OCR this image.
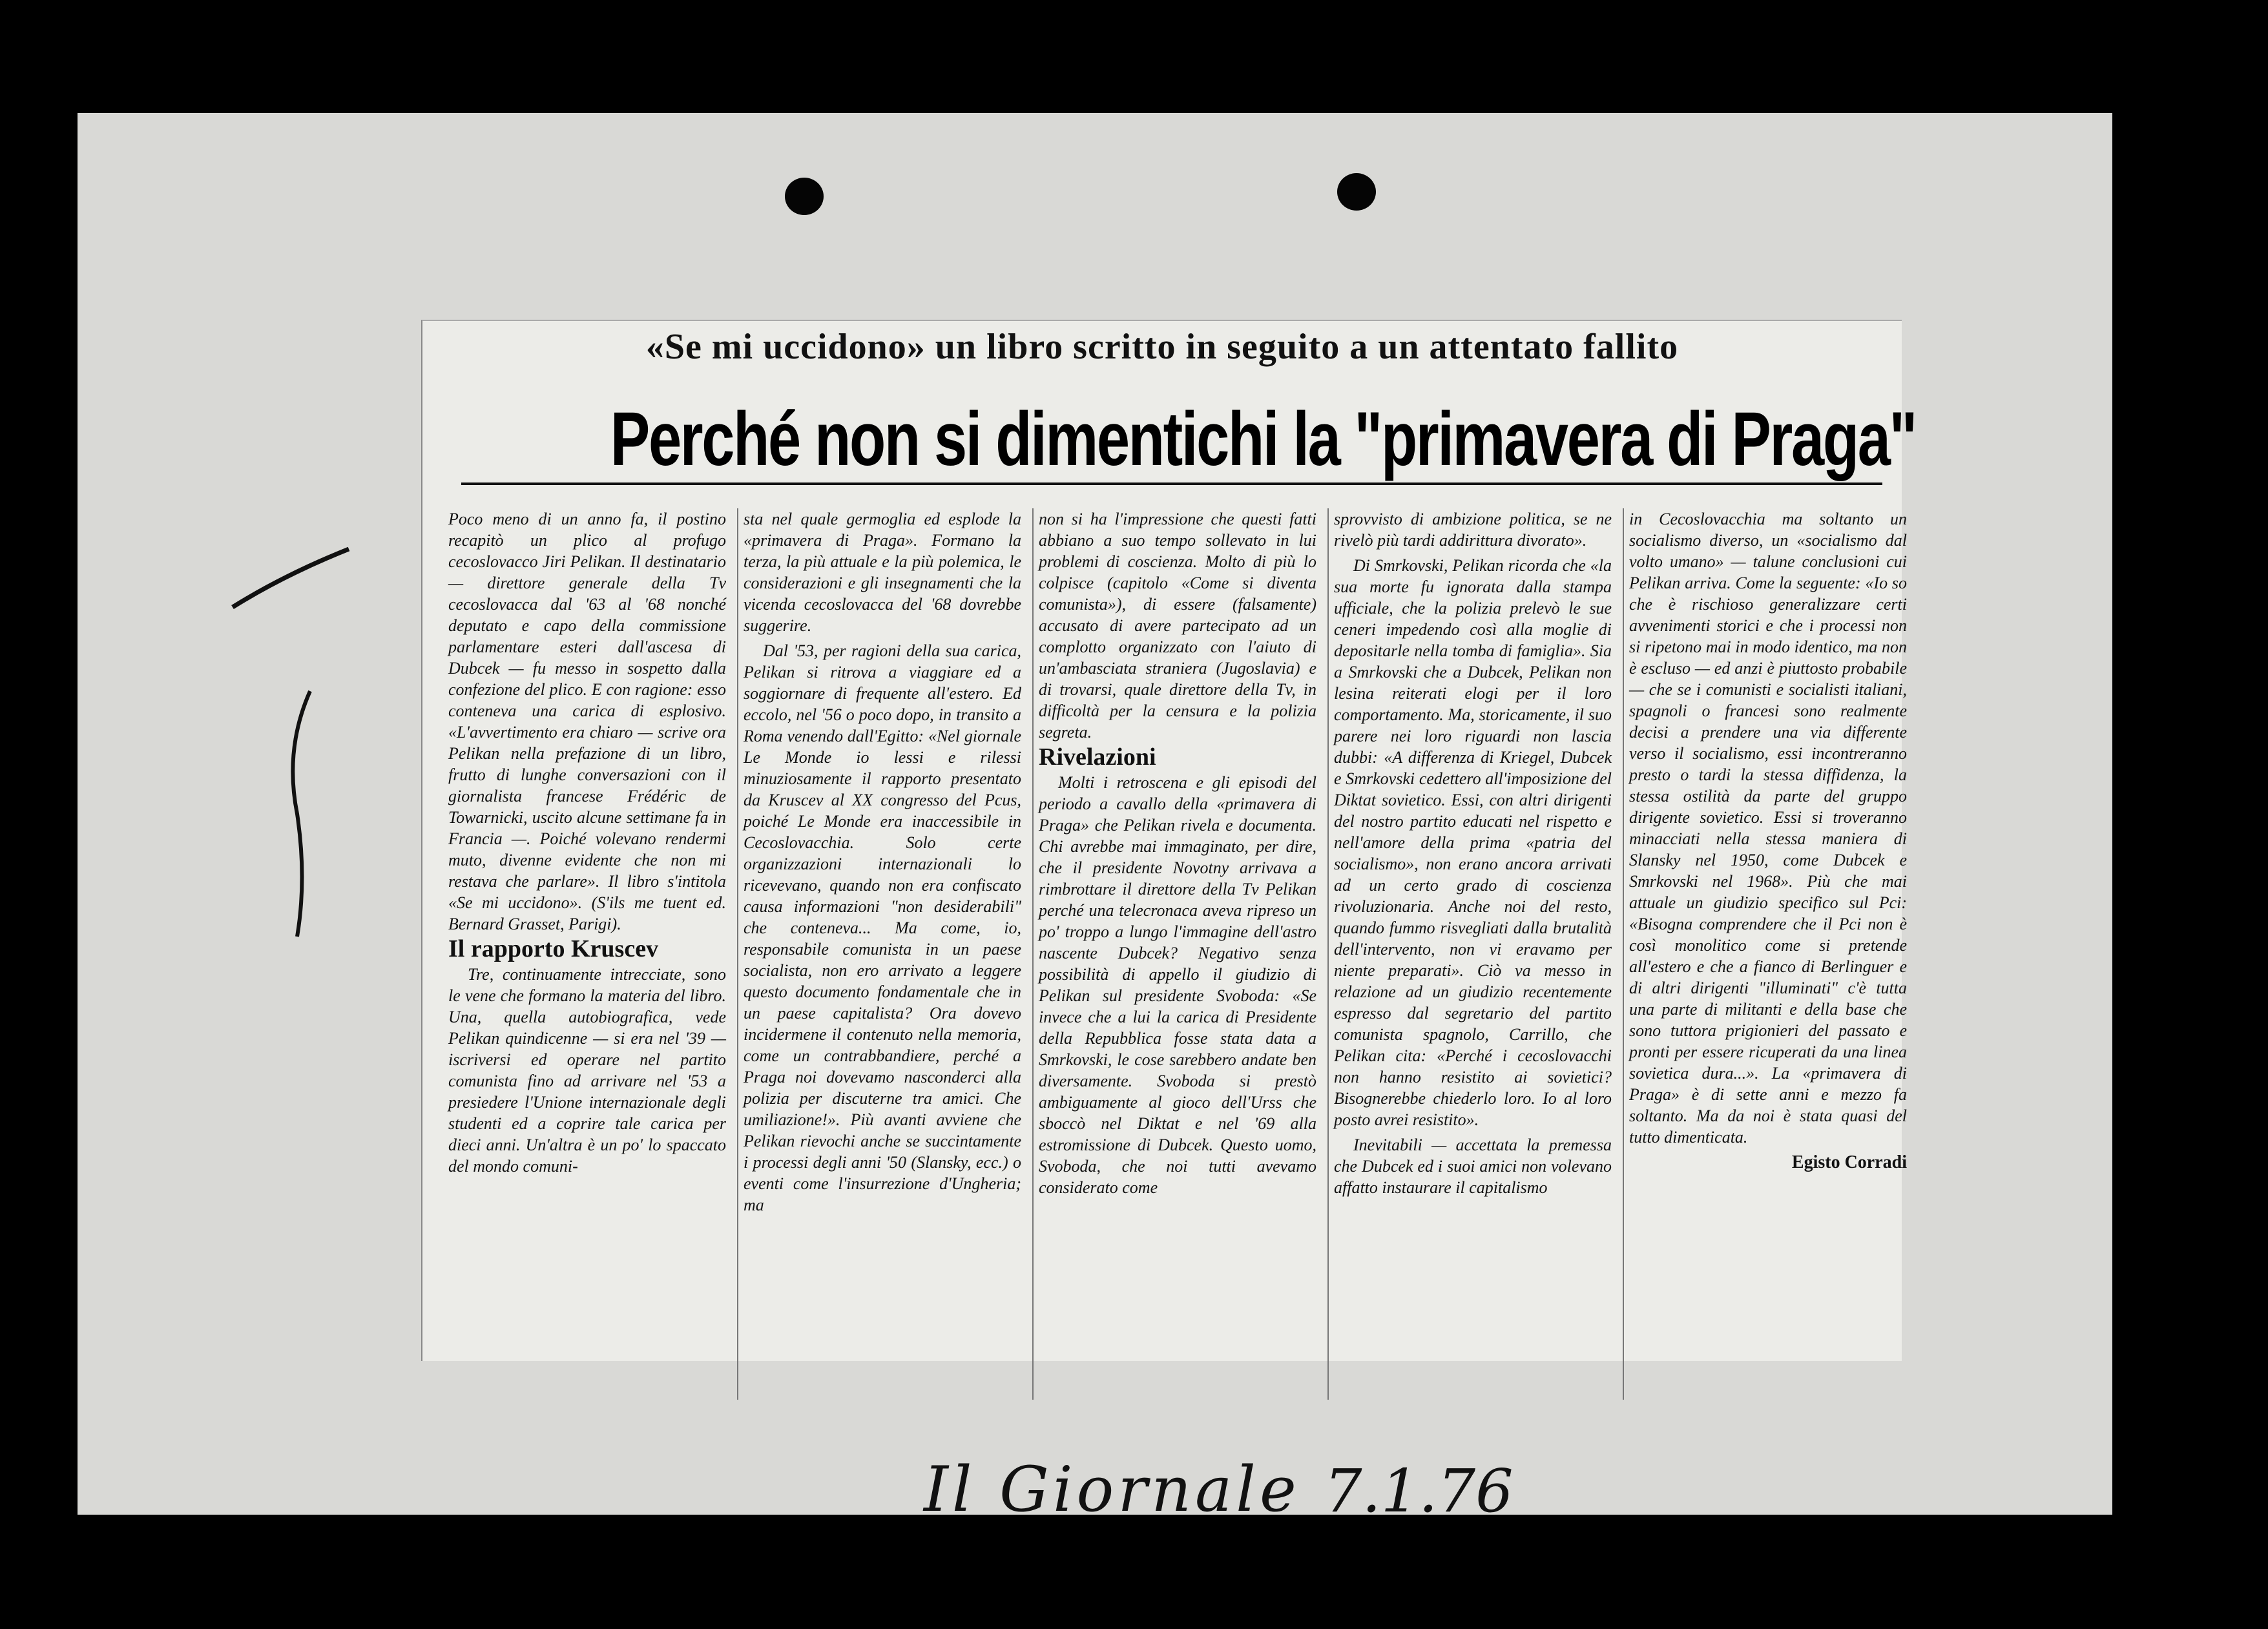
«Se mi uccidono» un libro scritto in seguito a un attentato fallito
Perché non si dimentichi la "primavera di Praga"

Poco meno di un anno fa, il postino recapitò un plico al profugo cecoslovacco Jiri Pelikan. Il destinatario — direttore generale della Tv cecoslovacca dal '63 al '68 nonché deputato e capo della commissione parlamentare esteri dall'ascesa di Dubcek — fu messo in sospetto dalla confezione del plico. E con ragione: esso conteneva una carica di esplosivo. «L'avvertimento era chiaro — scrive ora Pelikan nella prefazione di un libro, frutto di lunghe conversazioni con il giornalista francese Frédéric de Towarnicki, uscito alcune settimane fa in Francia —. Poiché volevano rendermi muto, divenne evidente che non mi restava che parlare». Il libro s'intitola «Se mi uccidono». (S'ils me tuent ed. Bernard Grasset, Parigi).

Il rapporto Kruscev

Tre, continuamente intrecciate, sono le vene che formano la materia del libro. Una, quella autobiografica, vede Pelikan quindicenne — si era nel '39 — iscriversi ed operare nel partito comunista fino ad arrivare nel '53 a presiedere l'Unione internazionale degli studenti ed a coprire tale carica per dieci anni. Un'altra è un po' lo spaccato del mondo comuni-

sta nel quale germoglia ed esplode la «primavera di Praga». Formano la terza, la più attuale e la più polemica, le considerazioni e gli insegnamenti che la vicenda cecoslovacca del '68 dovrebbe suggerire.

Dal '53, per ragioni della sua carica, Pelikan si ritrova a viaggiare ed a soggiornare di frequente all'estero. Ed eccolo, nel '56 o poco dopo, in transito a Roma venendo dall'Egitto: «Nel giornale Le Monde io lessi e rilessi minuziosamente il rapporto presentato da Kruscev al XX congresso del Pcus, poiché Le Monde era inaccessibile in Cecoslovacchia. Solo certe organizzazioni internazionali lo ricevevano, quando non era confiscato causa informazioni "non desiderabili" che conteneva... Ma come, io, responsabile comunista in un paese socialista, non ero arrivato a leggere questo documento fondamentale che in un paese capitalista? Ora dovevo incidermene il contenuto nella memoria, come un contrabbandiere, perché a Praga noi dovevamo nasconderci alla polizia per discuterne tra amici. Che umiliazione!». Più avanti avviene che Pelikan rievochi anche se succintamente i processi degli anni '50 (Slansky, ecc.) o eventi come l'insurrezione d'Ungheria; ma

non si ha l'impressione che questi fatti abbiano a suo tempo sollevato in lui problemi di coscienza. Molto di più lo colpisce (capitolo «Come si diventa comunista»), di essere (falsamente) accusato di avere partecipato ad un complotto organizzato con l'aiuto di un'ambasciata straniera (Jugoslavia) e di trovarsi, quale direttore della Tv, in difficoltà per la censura e la polizia segreta.

Rivelazioni

Molti i retroscena e gli episodi del periodo a cavallo della «primavera di Praga» che Pelikan rivela e documenta. Chi avrebbe mai immaginato, per dire, che il presidente Novotny arrivava a rimbrottare il direttore della Tv Pelikan perché una telecronaca aveva ripreso un po' troppo a lungo l'immagine dell'astro nascente Dubcek? Negativo senza possibilità di appello il giudizio di Pelikan sul presidente Svoboda: «Se invece che a lui la carica di Presidente della Repubblica fosse stata data a Smrkovski, le cose sarebbero andate ben diversamente. Svoboda si prestò ambiguamente al gioco dell'Urss che sboccò nel Diktat e nel '69 alla estromissione di Dubcek. Questo uomo, Svoboda, che noi tutti avevamo considerato come

sprovvisto di ambizione politica, se ne rivelò più tardi addirittura divorato».

Di Smrkovski, Pelikan ricorda che «la sua morte fu ignorata dalla stampa ufficiale, che la polizia prelevò le sue ceneri impedendo così alla moglie di depositarle nella tomba di famiglia». Sia a Smrkovski che a Dubcek, Pelikan non lesina reiterati elogi per il loro comportamento. Ma, storicamente, il suo parere nei loro riguardi non lascia dubbi: «A differenza di Kriegel, Dubcek e Smrkovski cedettero all'imposizione del Diktat sovietico. Essi, con altri dirigenti del nostro partito educati nel rispetto e nell'amore della prima «patria del socialismo», non erano ancora arrivati ad un certo grado di coscienza rivoluzionaria. Anche noi del resto, quando fummo risvegliati dalla brutalità dell'intervento, non vi eravamo per niente preparati». Ciò va messo in relazione ad un giudizio recentemente espresso dal segretario del partito comunista spagnolo, Carrillo, che Pelikan cita: «Perché i cecoslovacchi non hanno resistito ai sovietici? Bisognerebbe chiederlo loro. Io al loro posto avrei resistito».

Inevitabili — accettata la premessa che Dubcek ed i suoi amici non volevano affatto instaurare il capitalismo

in Cecoslovacchia ma soltanto un socialismo diverso, un «socialismo dal volto umano» — talune conclusioni cui Pelikan arriva. Come la seguente: «Io so che è rischioso generalizzare certi avvenimenti storici e che i processi non si ripetono mai in modo identico, ma non è escluso — ed anzi è piuttosto probabile — che se i comunisti e socialisti italiani, spagnoli o francesi sono realmente decisi a prendere una via differente verso il socialismo, essi incontreranno presto o tardi la stessa diffidenza, la stessa ostilità da parte del gruppo dirigente sovietico. Essi si troveranno minacciati nella stessa maniera di Slansky nel 1950, come Dubcek e Smrkovski nel 1968». Più che mai attuale un giudizio specifico sul Pci: «Bisogna comprendere che il Pci non è così monolitico come si pretende all'estero e che a fianco di Berlinguer e di altri dirigenti "illuminati" c'è tutta una parte di militanti e della base che sono tuttora prigionieri del passato e pronti per essere ricuperati da una linea sovietica dura...». La «primavera di Praga» è di sette anni e mezzo fa soltanto. Ma da noi è stata quasi del tutto dimenticata.

Egisto Corradi

Il Giornale 7.1.76
